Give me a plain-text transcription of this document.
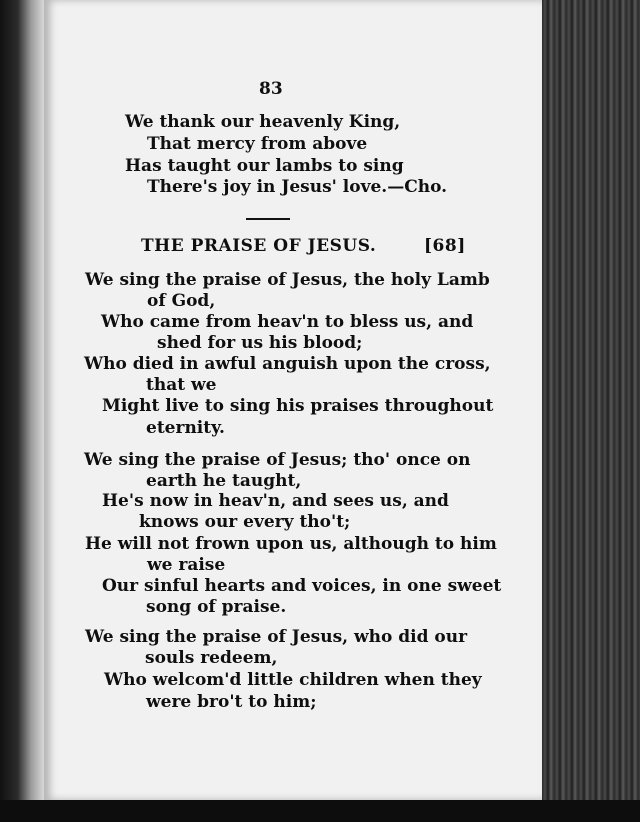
83
We thank our heavenly King,
That mercy from above
Has taught our lambs to sing
There's joy in Jesus' love.—Cho.
THE PRAISE OF JESUS.	[68]
We sing the praise of Jesus, the holy Lamb
of God,
Who came from heav'n to bless us, and
shed for us his blood;
Who died in awful anguish upon the cross,
that we
Might live to sing his praises throughout
eternity.
We sing the praise of Jesus; tho' once on
earth he taught,
He's now in heav'n, and sees us, and
knows our every tho't;
He will not frown upon us, although to him
we raise
Our sinful hearts and voices, in one sweet
song of praise.
We sing the praise of Jesus, who did our
souls redeem,
Who welcom'd little children when they
were bro't to him;
